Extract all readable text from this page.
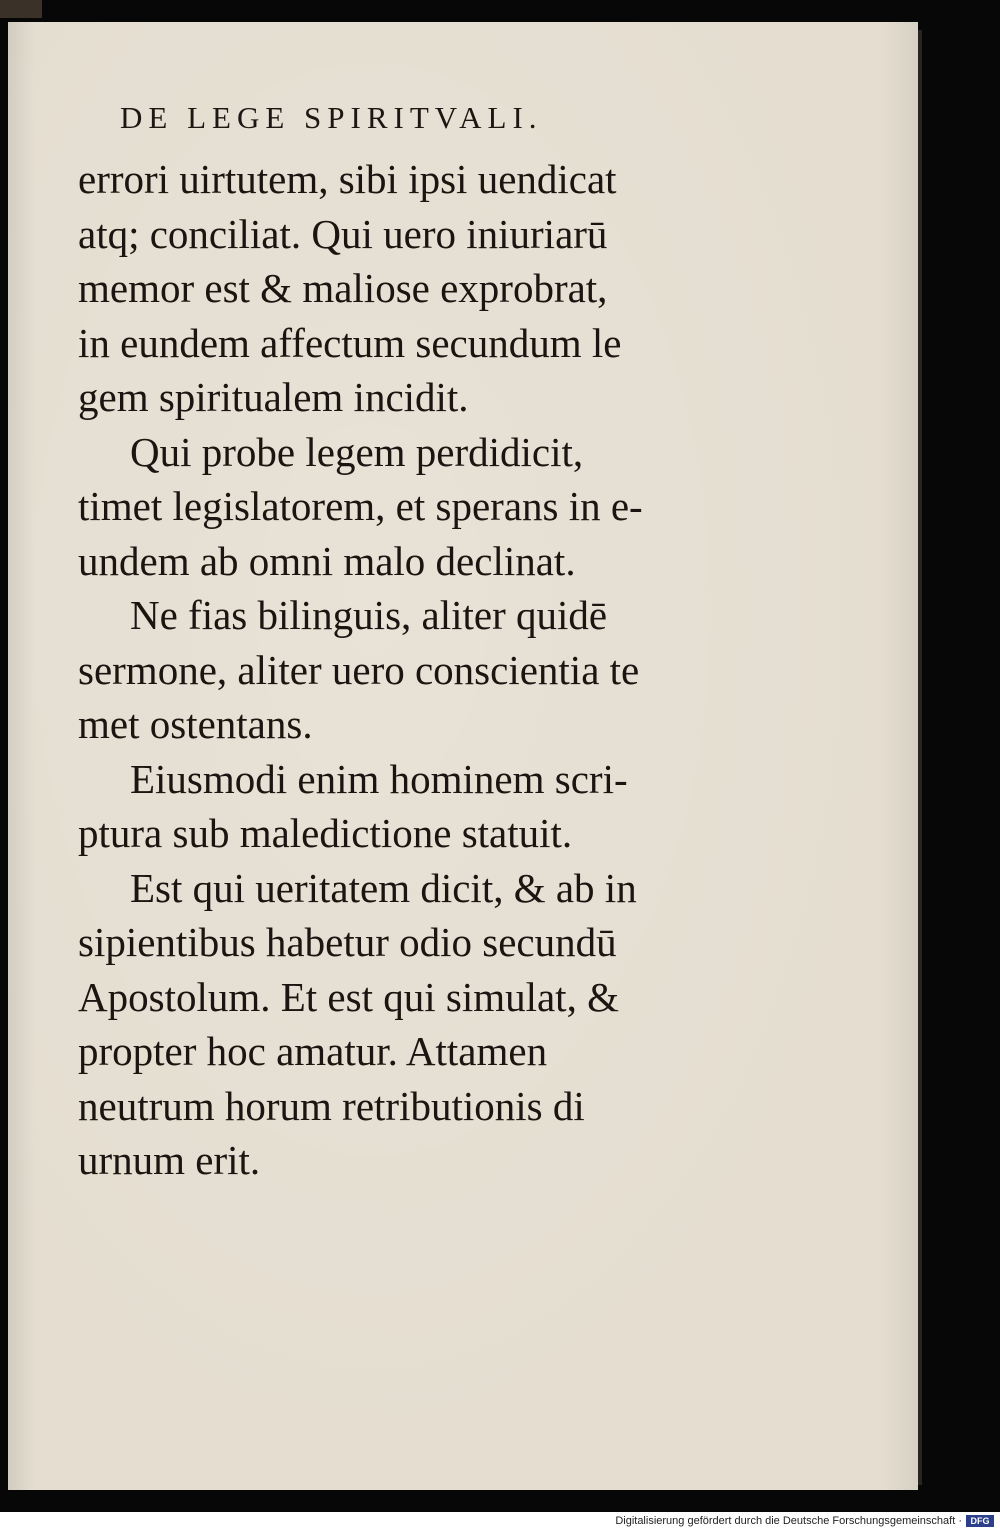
DE LEGE SPIRITVALI.
errori uirtutem, sibi ipsi uendicat
atq; conciliat. Qui uero iniuriarū
memor est & maliose exprobrat,
in eundem affectum secundum le
gem spiritualem incidit.
Qui probe legem perdidicit,
timet legislatorem, et sperans in e-
undem ab omni malo declinat.
Ne fias bilinguis, aliter quidē
sermone, aliter uero conscientia te
met ostentans.
Eiusmodi enim hominem scri-
ptura sub maledictione statuit.
Est qui ueritatem dicit, & ab in
sipientibus habetur odio secundū
Apostolum. Et est qui simulat, &
propter hoc amatur. Attamen
neutrum horum retributionis di
urnum erit.
Digitalisierung gefördert durch die Deutsche Forschungsgemeinschaft · DFG
